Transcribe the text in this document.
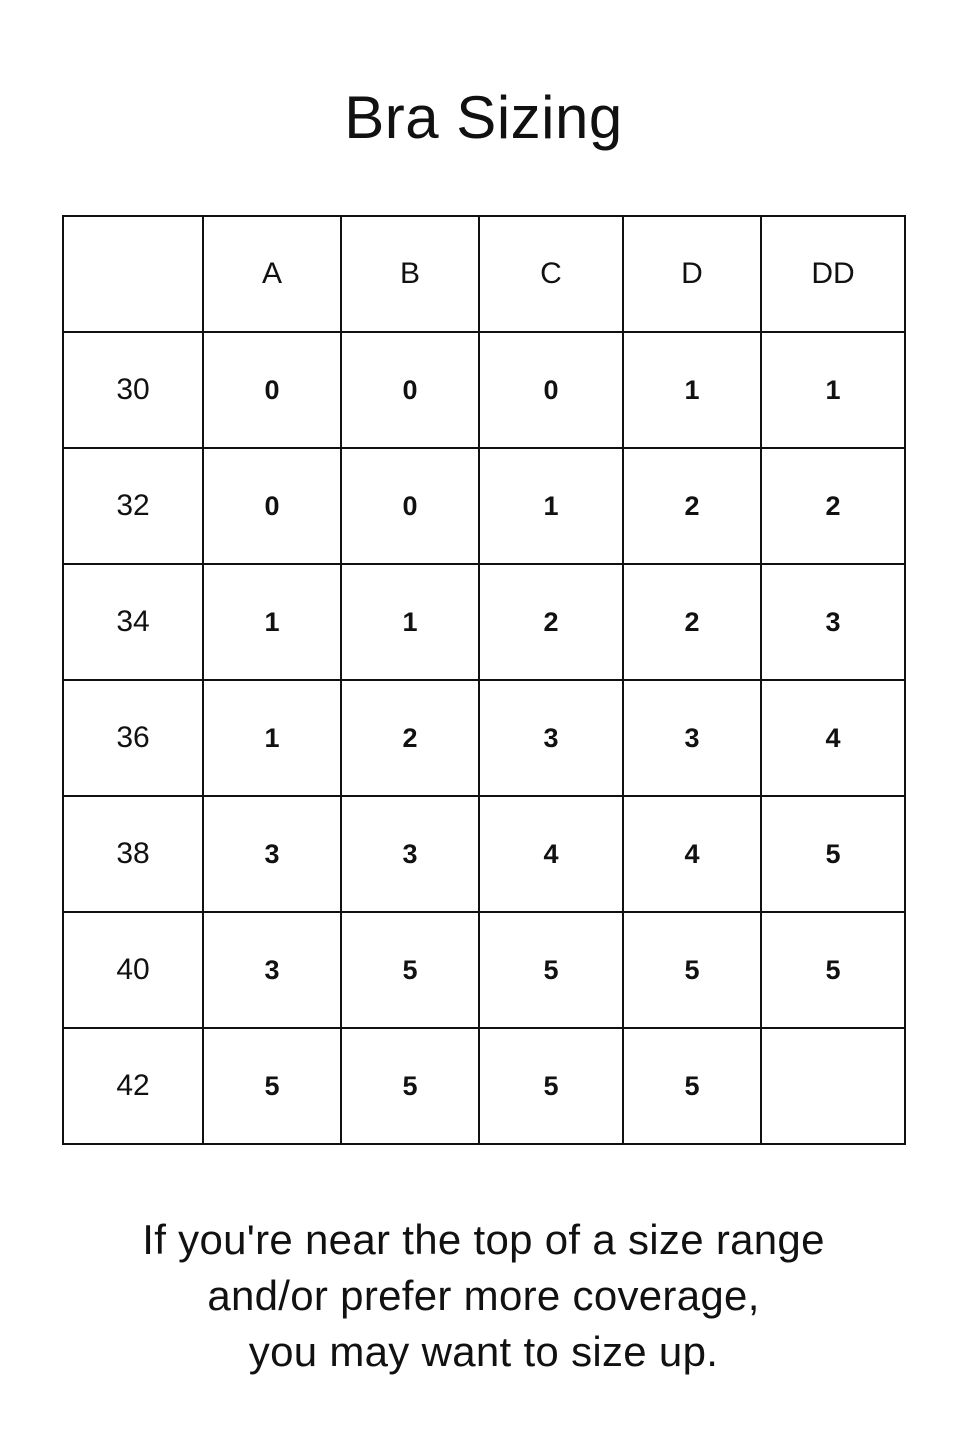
Bra Sizing
	A	B	C	D	DD
30	0	0	0	1	1
32	0	0	1	2	2
34	1	1	2	2	3
36	1	2	3	3	4
38	3	3	4	4	5
40	3	5	5	5	5
42	5	5	5	5	
If you're near the top of a size range
and/or prefer more coverage,
you may want to size up.
